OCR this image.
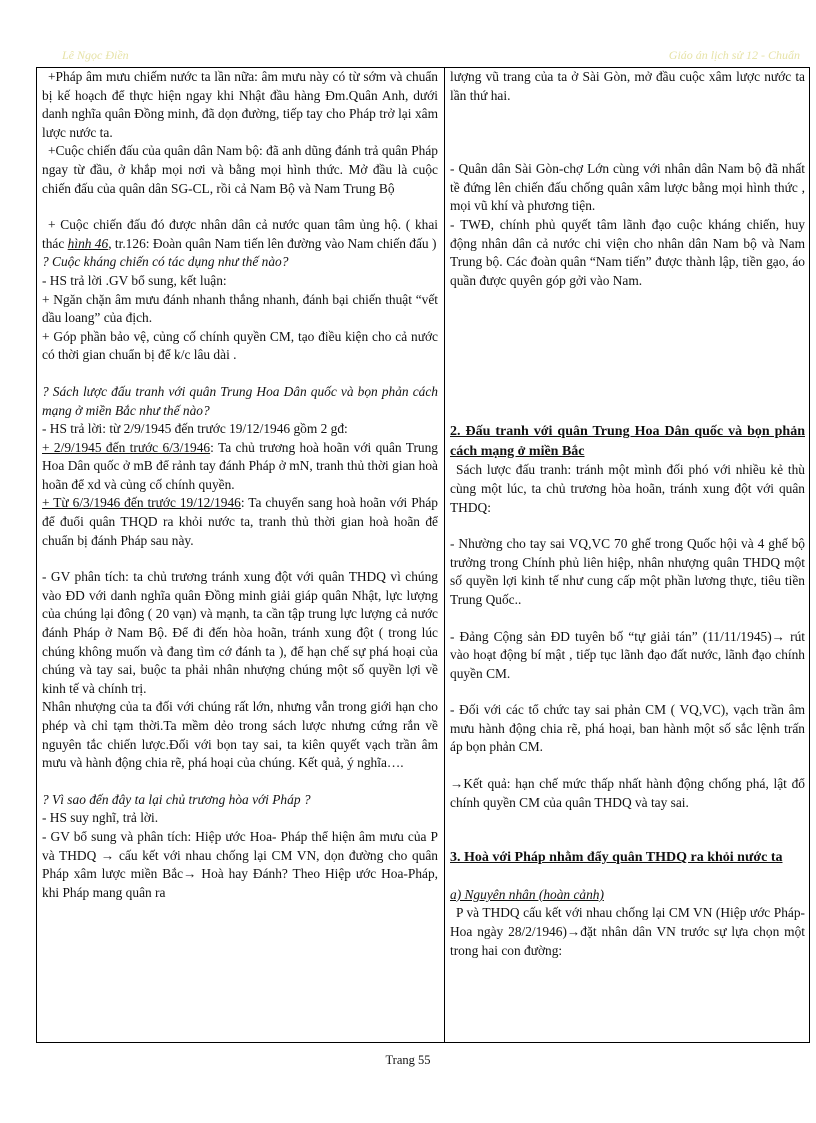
Lê Ngọc Điền	Giáo án lịch sử 12 - Chuẩn

+Pháp âm mưu chiếm nước ta lần nữa: âm mưu này có từ sớm và chuẩn bị kế hoạch để thực hiện ngay khi Nhật đầu hàng Đm.Quân Anh, dưới danh nghĩa quân Đồng minh, đã dọn đường, tiếp tay cho Pháp trở lại xâm lược nước ta.

+Cuộc chiến đấu của quân dân Nam bộ: đã anh dũng đánh trả quân Pháp ngay từ đầu, ở khắp mọi nơi và bằng mọi hình thức. Mở đầu là cuộc chiến đấu của quân dân SG-CL, rồi cả Nam Bộ và Nam Trung Bộ

+ Cuộc chiến đấu đó được nhân dân cả nước quan tâm ủng hộ. ( khai thác hình 46, tr.126: Đoàn quân Nam tiến lên đường vào Nam chiến đấu )

? Cuộc kháng chiến có tác dụng như thế nào?

- HS trả lời .GV bổ sung, kết luận:

+ Ngăn chặn âm mưu đánh nhanh thắng nhanh, đánh bại chiến thuật “vết dầu loang” của địch.

+ Góp phần bảo vệ, củng cố chính quyền CM, tạo điều kiện cho cả nước có thời gian chuẩn bị để k/c lâu dài .

? Sách lược đấu tranh với quân Trung Hoa Dân quốc và bọn phản cách mạng ở miền Bắc như thế nào?

- HS trả lời: từ 2/9/1945 đến trước 19/12/1946 gồm 2 gđ:

+ 2/9/1945 đến trước 6/3/1946: Ta chủ trương hoà hoãn với quân Trung Hoa Dân quốc ở mB để rảnh tay đánh Pháp ở mN, tranh thủ thời gian hoà hoãn để xd và củng cố chính quyền.

+ Từ 6/3/1946 đến trước 19/12/1946: Ta chuyển sang hoà hoãn với Pháp để đuổi quân THQD ra khỏi nước ta, tranh thủ thời gian hoà hoãn để chuẩn bị đánh Pháp sau này.

- GV phân tích: ta chủ trương tránh xung đột với quân THDQ vì chúng vào ĐD với danh nghĩa quân Đồng minh giải giáp quân Nhật, lực lượng của chúng lại đông ( 20 vạn) và mạnh, ta cần tập trung lực lượng cả nước đánh Pháp ở Nam Bộ. Để đi đến hòa hoãn, tránh xung đột ( trong lúc chúng không muốn và đang tìm cớ đánh ta ), để hạn chế sự phá hoại của chúng và tay sai, buộc ta phải nhân nhượng chúng một số quyền lợi về kinh tế và chính trị.

Nhân nhượng của ta đối với chúng rất lớn, nhưng vẫn trong giới hạn cho phép và chỉ tạm thời.Ta mềm dẻo trong sách lược nhưng cứng rắn về nguyên tắc chiến lược.Đối với bọn tay sai, ta kiên quyết vạch trần âm mưu và hành động chia rẽ, phá hoại của chúng. Kết quả, ý nghĩa….

? Vì sao đến đây ta lại chủ trương hòa với Pháp ?

- HS suy nghĩ, trả lời.

- GV bổ sung và phân tích: Hiệp ước Hoa- Pháp thể hiện âm mưu của P và THDQ → cấu kết với nhau chống lại CM VN, dọn đường cho quân Pháp xâm lược miền Bắc→ Hoà hay Đánh? Theo Hiệp ước Hoa-Pháp, khi Pháp mang quân ra

lượng vũ trang của ta ở Sài Gòn, mở đầu cuộc xâm lược nước ta lần thứ hai.

- Quân dân Sài Gòn-chợ Lớn cùng với nhân dân Nam bộ đã nhất tề đứng lên chiến đấu chống quân xâm lược bằng mọi hình thức , mọi vũ khí và phương tiện.

- TWĐ, chính phủ quyết tâm lãnh đạo cuộc kháng chiến, huy động nhân dân cả nước chi viện cho nhân dân Nam bộ và Nam Trung bộ. Các đoàn quân “Nam tiến” được thành lập, tiền gạo, áo quần được quyên góp gởi vào Nam.

2. Đấu tranh với quân Trung Hoa Dân quốc và bọn phản cách mạng ở miền Bắc

Sách lược đấu tranh: tránh một mình đối phó với nhiều kẻ thù cùng một lúc, ta chủ trương hòa hoãn, tránh xung đột với quân THDQ:

- Nhường cho tay sai VQ,VC 70 ghế trong Quốc hội và 4 ghế bộ trưởng trong Chính phủ liên hiệp, nhân nhượng quân THDQ một số quyền lợi kinh tế như cung cấp một phần lương thực, tiêu tiền Trung Quốc..

- Đảng Cộng sản ĐD tuyên bố “tự giải tán” (11/11/1945)→ rút vào hoạt động bí mật , tiếp tục lãnh đạo đất nước, lãnh đạo chính quyền CM.

- Đối với các tổ chức tay sai phản CM ( VQ,VC), vạch trần âm mưu hành động chia rẽ, phá hoại, ban hành một số sắc lệnh trấn áp bọn phản CM.

→Kết quả: hạn chế mức thấp nhất hành động chống phá, lật đổ chính quyền CM của quân THDQ và tay sai.

3. Hoà với Pháp nhằm đẩy quân THDQ ra khỏi nước ta

a) Nguyên nhân (hoàn cảnh)

P và THDQ cấu kết với nhau chống lại CM VN (Hiệp ước Pháp-Hoa ngày 28/2/1946)→đặt nhân dân VN trước sự lựa chọn một trong hai con đường:

Trang 55
